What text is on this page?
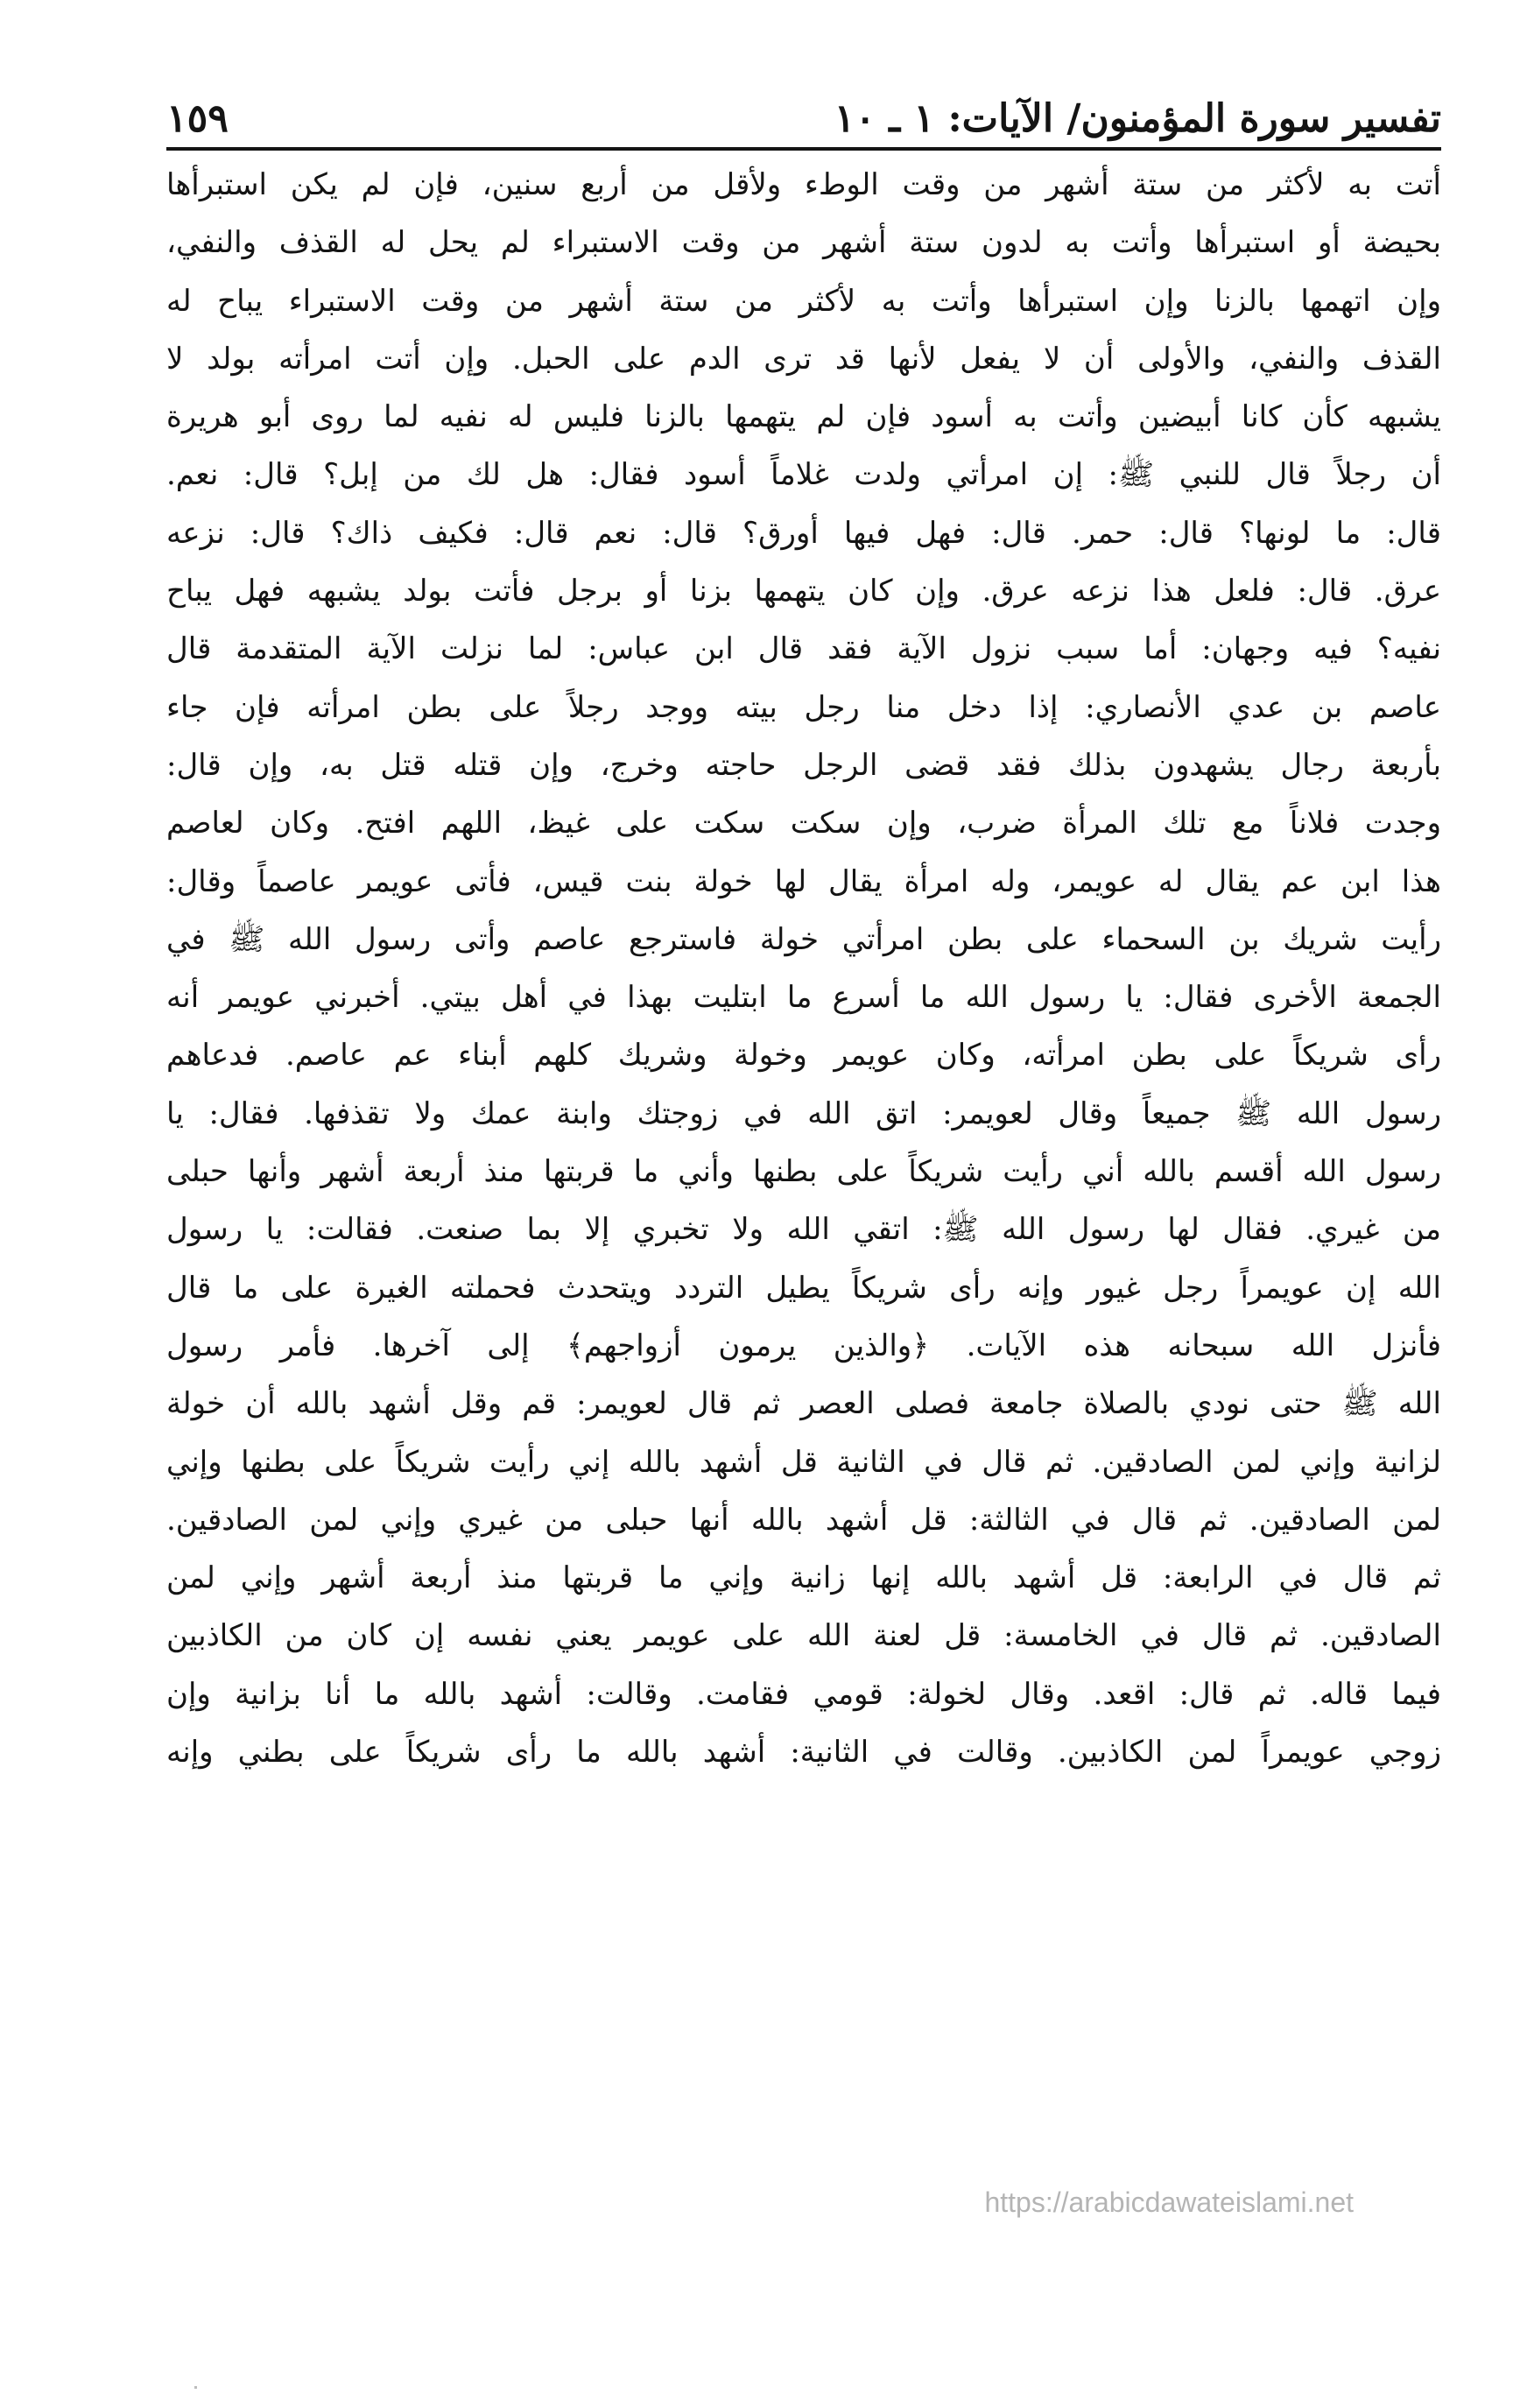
تفسير سورة المؤمنون/ الآيات: ١ ـ ١٠
١٥٩
أتت به لأكثر من ستة أشهر من وقت الوطء ولأقل من أربع سنين، فإن لم يكن استبرأها
بحيضة أو استبرأها وأتت به لدون ستة أشهر من وقت الاستبراء لم يحل له القذف والنفي،
وإن اتهمها بالزنا وإن استبرأها وأتت به لأكثر من ستة أشهر من وقت الاستبراء يباح له
القذف والنفي، والأولى أن لا يفعل لأنها قد ترى الدم على الحبل. وإن أتت امرأته بولد لا
يشبهه كأن كانا أبيضين وأتت به أسود فإن لم يتهمها بالزنا فليس له نفيه لما روى أبو هريرة
أن رجلاً قال للنبي ﷺ: إن امرأتي ولدت غلاماً أسود فقال: هل لك من إبل؟ قال: نعم.
قال: ما لونها؟ قال: حمر. قال: فهل فيها أورق؟ قال: نعم قال: فكيف ذاك؟ قال: نزعه
عرق. قال: فلعل هذا نزعه عرق. وإن كان يتهمها بزنا أو برجل فأتت بولد يشبهه فهل يباح
نفيه؟ فيه وجهان: أما سبب نزول الآية فقد قال ابن عباس: لما نزلت الآية المتقدمة قال
عاصم بن عدي الأنصاري: إذا دخل منا رجل بيته ووجد رجلاً على بطن امرأته فإن جاء
بأربعة رجال يشهدون بذلك فقد قضى الرجل حاجته وخرج، وإن قتله قتل به، وإن قال:
وجدت فلاناً مع تلك المرأة ضرب، وإن سكت سكت على غيظ، اللهم افتح. وكان لعاصم
هذا ابن عم يقال له عويمر، وله امرأة يقال لها خولة بنت قيس، فأتى عويمر عاصماً وقال:
رأيت شريك بن السحماء على بطن امرأتي خولة فاسترجع عاصم وأتى رسول الله ﷺ في
الجمعة الأخرى فقال: يا رسول الله ما أسرع ما ابتليت بهذا في أهل بيتي. أخبرني عويمر أنه
رأى شريكاً على بطن امرأته، وكان عويمر وخولة وشريك كلهم أبناء عم عاصم. فدعاهم
رسول الله ﷺ جميعاً وقال لعويمر: اتق الله في زوجتك وابنة عمك ولا تقذفها. فقال: يا
رسول الله أقسم بالله أني رأيت شريكاً على بطنها وأني ما قربتها منذ أربعة أشهر وأنها حبلى
من غيري. فقال لها رسول الله ﷺ: اتقي الله ولا تخبري إلا بما صنعت. فقالت: يا رسول
الله إن عويمراً رجل غيور وإنه رأى شريكاً يطيل التردد ويتحدث فحملته الغيرة على ما قال
فأنزل الله سبحانه هذه الآيات. ﴿والذين يرمون أزواجهم﴾ إلى آخرها. فأمر رسول
الله ﷺ حتى نودي بالصلاة جامعة فصلى العصر ثم قال لعويمر: قم وقل أشهد بالله أن خولة
لزانية وإني لمن الصادقين. ثم قال في الثانية قل أشهد بالله إني رأيت شريكاً على بطنها وإني
لمن الصادقين. ثم قال في الثالثة: قل أشهد بالله أنها حبلى من غيري وإني لمن الصادقين.
ثم قال في الرابعة: قل أشهد بالله إنها زانية وإني ما قربتها منذ أربعة أشهر وإني لمن
الصادقين. ثم قال في الخامسة: قل لعنة الله على عويمر يعني نفسه إن كان من الكاذبين
فيما قاله. ثم قال: اقعد. وقال لخولة: قومي فقامت. وقالت: أشهد بالله ما أنا بزانية وإن
زوجي عويمراً لمن الكاذبين. وقالت في الثانية: أشهد بالله ما رأى شريكاً على بطني وإنه
https://arabicdawateislami.net
